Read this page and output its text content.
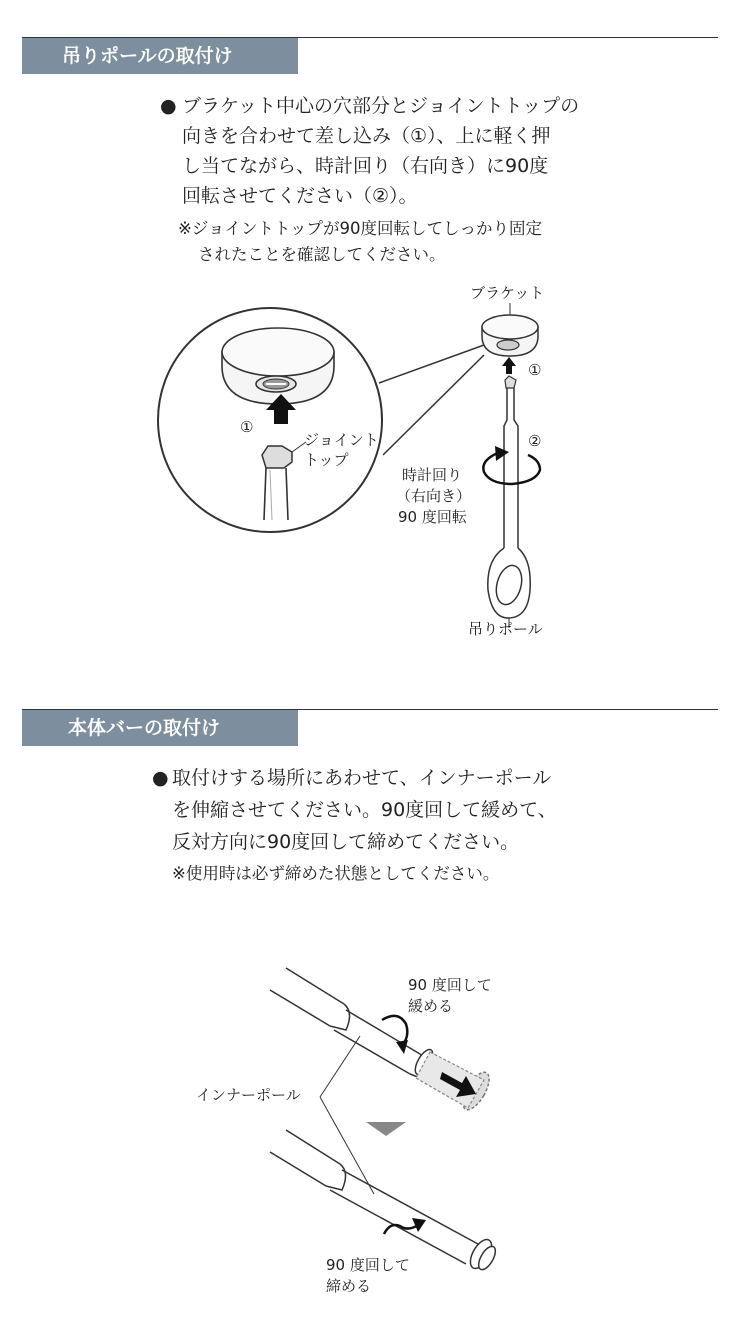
吊りポールの取付け
● ブラケット中心の穴部分とジョイントトップの
向きを合わせて差し込み（①）、上に軽く押
し当てながら、時計回り（右向き）に90度
回転させてください（②）。
※ジョイントトップが90度回転してしっかり固定
されたことを確認してください。
ブラケット
①
①
②
ジョイント
トップ
時計回り
（右向き）
90 度回転
吊りポール
本体バーの取付け
● 取付けする場所にあわせて、インナーポール
を伸縮させてください。90度回して緩めて、
反対方向に90度回して締めてください。
※使用時は必ず締めた状態としてください。
90 度回して
緩める
インナーポール
90 度回して
締める
